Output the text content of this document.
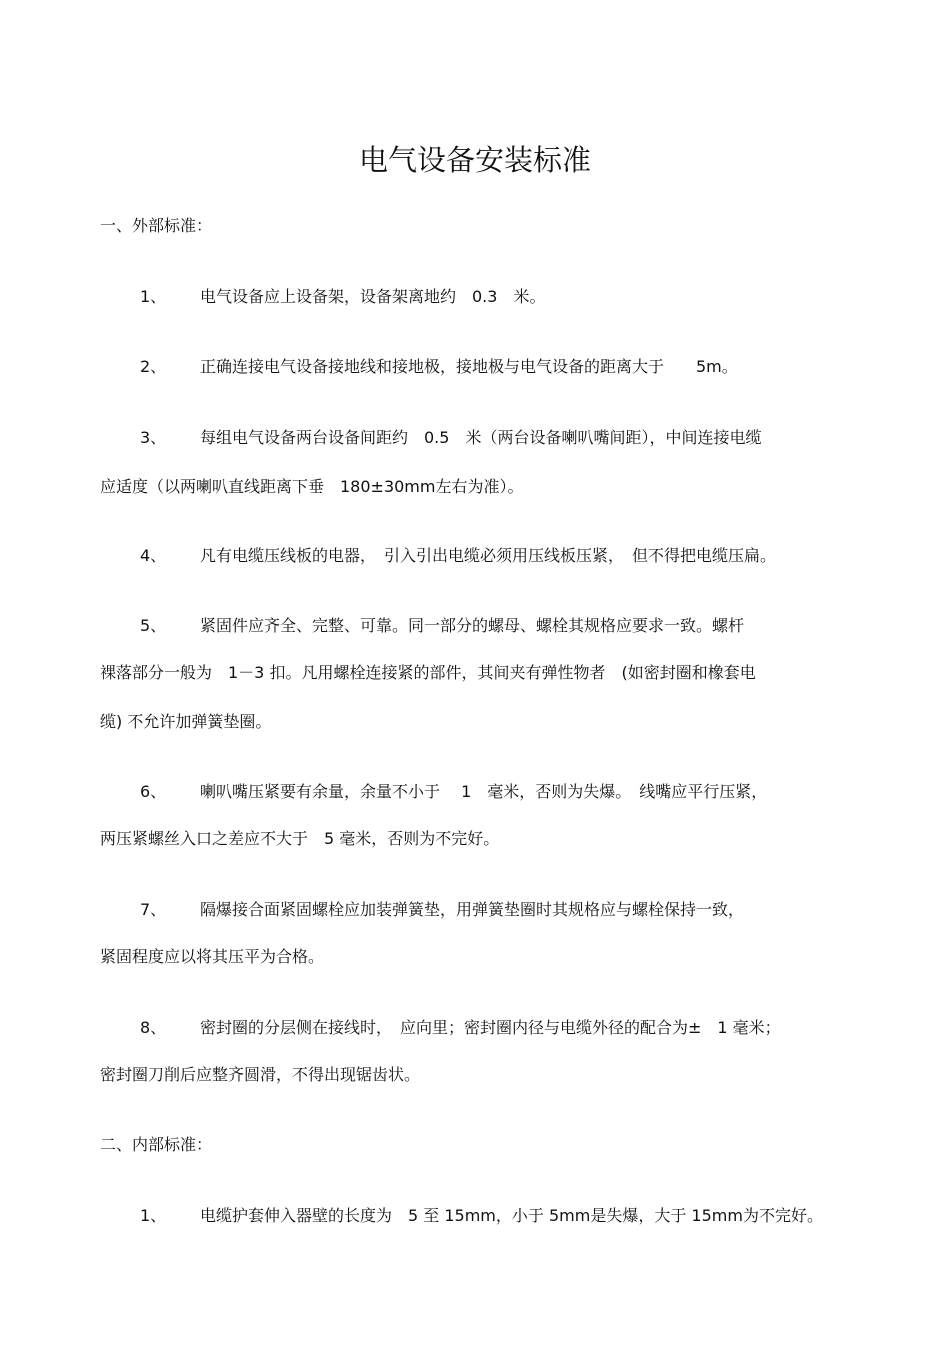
电气设备安装标准
一、外部标准：
1、 电气设备应上设备架，设备架离地约　0.3　米。
2、 正确连接电气设备接地线和接地极，接地极与电气设备的距离大于　　5m。
3、 每组电气设备两台设备间距约　0.5　米（两台设备喇叭嘴间距），中间连接电缆
应适度（以两喇叭直线距离下垂　180±30mm左右为准）。
4、 凡有电缆压线板的电器，　引入引出电缆必须用压线板压紧，　但不得把电缆压扁。
5、 紧固件应齐全、完整、可靠。同一部分的螺母、螺栓其规格应要求一致。螺杆
裸落部分一般为　1－3 扣。凡用螺栓连接紧的部件，其间夹有弹性物者　(如密封圈和橡套电
缆) 不允许加弹簧垫圈。
6、 喇叭嘴压紧要有余量，余量不小于　 1　毫米，否则为失爆。　线嘴应平行压紧，
两压紧螺丝入口之差应不大于　5 毫米，否则为不完好。
7、 隔爆接合面紧固螺栓应加装弹簧垫，用弹簧垫圈时其规格应与螺栓保持一致，
紧固程度应以将其压平为合格。
8、 密封圈的分层侧在接线时，　应向里；密封圈内径与电缆外径的配合为±　1 毫米；
密封圈刀削后应整齐圆滑，不得出现锯齿状。
二、内部标准：
1、 电缆护套伸入器壁的长度为　5 至 15mm，小于 5mm是失爆，大于 15mm为不完好。
